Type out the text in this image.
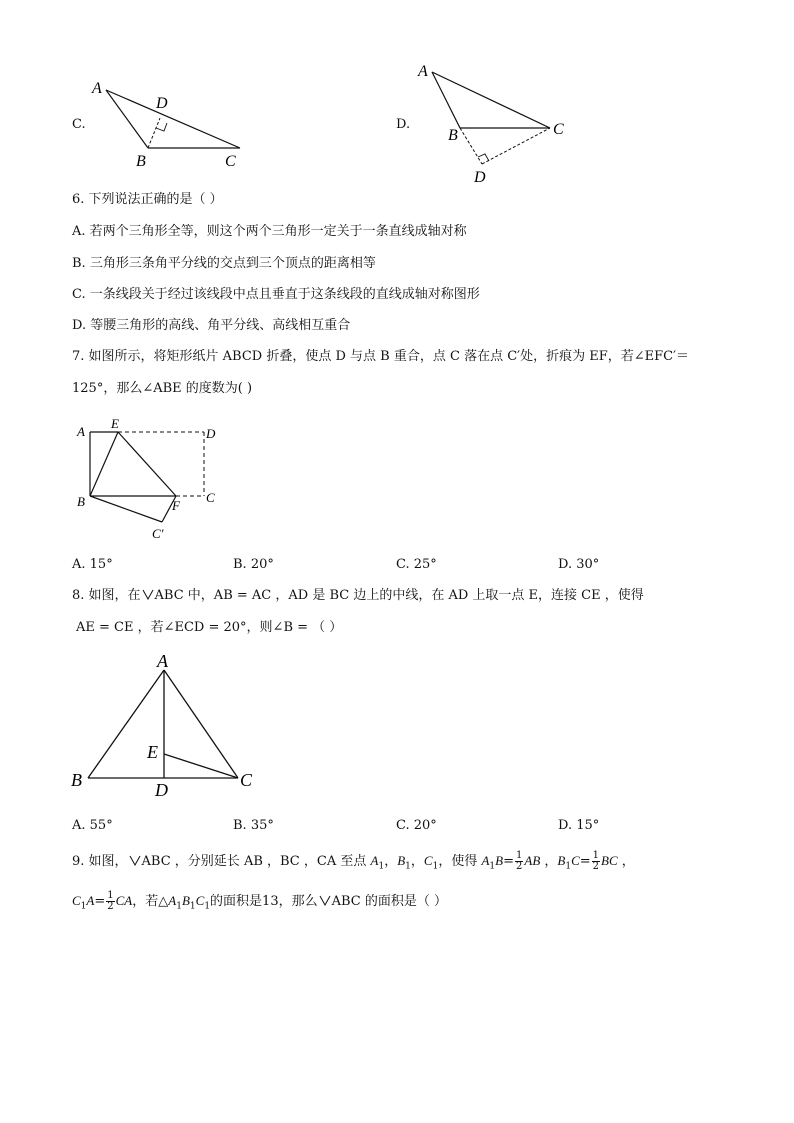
C.
A
D
B	C
D.
A
B	C
D
6. 下列说法正确的是（ ）
A. 若两个三角形全等，则这个两个三角形一定关于一条直线成轴对称
B. 三角形三条角平分线的交点到三个顶点的距离相等
C. 一条线段关于经过该线段中点且垂直于这条线段的直线成轴对称图形
D. 等腰三角形的高线、角平分线、高线相互重合
7. 如图所示，将矩形纸片 ABCD 折叠，使点 D 与点 B 重合，点 C 落在点 C′处，折痕为 EF，若∠EFC′＝
125°，那么∠ABE 的度数为( )
A
E
D
B	F
C
C′
A. 15°	B. 20°	C. 25°	D. 30°
8. 如图，在 ABC 中，AB = AC ，AD 是 BC 边上的中线，在 AD 上取一点 E，连接 CE ，使得
AE = CE ，若∠ECD = 20°，则∠B = （ ）
A
E
B	D	C
A. 55°	B. 35°	C. 20°	D. 15°
9. 如图， ABC ，分别延长 AB ，BC ，CA 至点 $A_1$，$B_1$，$C_1$，使得 $A_1B= \frac{1}{2}$ AB ，$B_1C= \frac{1}{2}$ BC ，
$C_1A= \frac{1}{2}$ CA，若$\triangle A_1B_1C_1$的面积是13，那么 ABC 的面积是（ ）
